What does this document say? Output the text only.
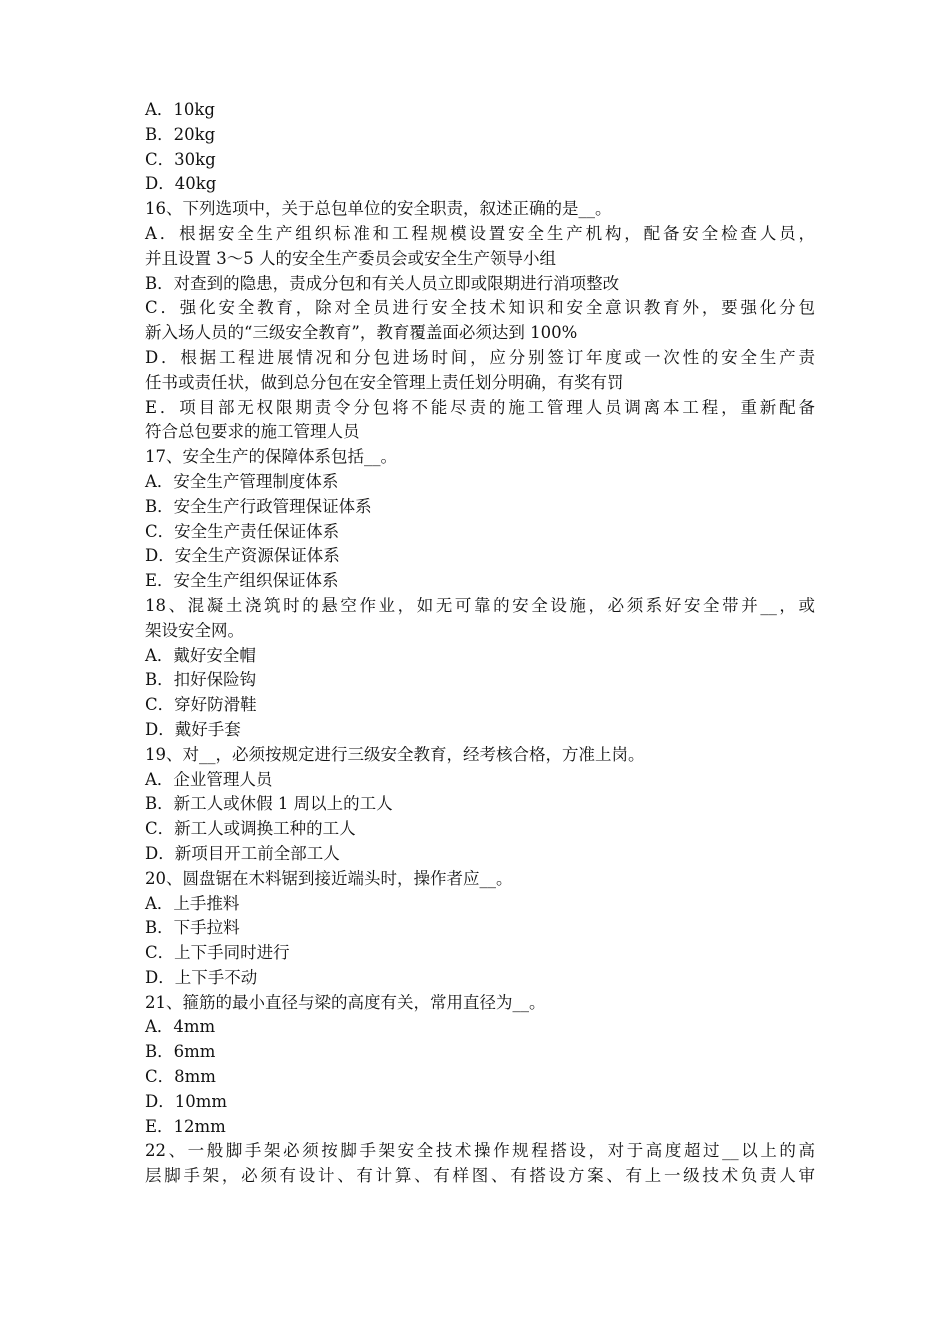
A．10kg
B．20kg
C．30kg
D．40kg
16、下列选项中，关于总包单位的安全职责，叙述正确的是__。
A．根据安全生产组织标准和工程规模设置安全生产机构，配备安全检查人员，
并且设置 3～5 人的安全生产委员会或安全生产领导小组
B．对查到的隐患，责成分包和有关人员立即或限期进行消项整改
C．强化安全教育，除对全员进行安全技术知识和安全意识教育外，要强化分包
新入场人员的“三级安全教育”，教育覆盖面必须达到 100%
D．根据工程进展情况和分包进场时间，应分别签订年度或一次性的安全生产责
任书或责任状，做到总分包在安全管理上责任划分明确，有奖有罚
E．项目部无权限期责令分包将不能尽责的施工管理人员调离本工程，重新配备
符合总包要求的施工管理人员
17、安全生产的保障体系包括__。
A．安全生产管理制度体系
B．安全生产行政管理保证体系
C．安全生产责任保证体系
D．安全生产资源保证体系
E．安全生产组织保证体系
18、混凝土浇筑时的悬空作业，如无可靠的安全设施，必须系好安全带并__，或
架设安全网。
A．戴好安全帽
B．扣好保险钩
C．穿好防滑鞋
D．戴好手套
19、对__，必须按规定进行三级安全教育，经考核合格，方准上岗。
A．企业管理人员
B．新工人或休假 1 周以上的工人
C．新工人或调换工种的工人
D．新项目开工前全部工人
20、圆盘锯在木料锯到接近端头时，操作者应__。
A．上手推料
B．下手拉料
C．上下手同时进行
D．上下手不动
21、箍筋的最小直径与梁的高度有关，常用直径为__。
A．4mm
B．6mm
C．8mm
D．10mm
E．12mm
22、一般脚手架必须按脚手架安全技术操作规程搭设，对于高度超过__以上的高
层脚手架，必须有设计、有计算、有样图、有搭设方案、有上一级技术负责人审
